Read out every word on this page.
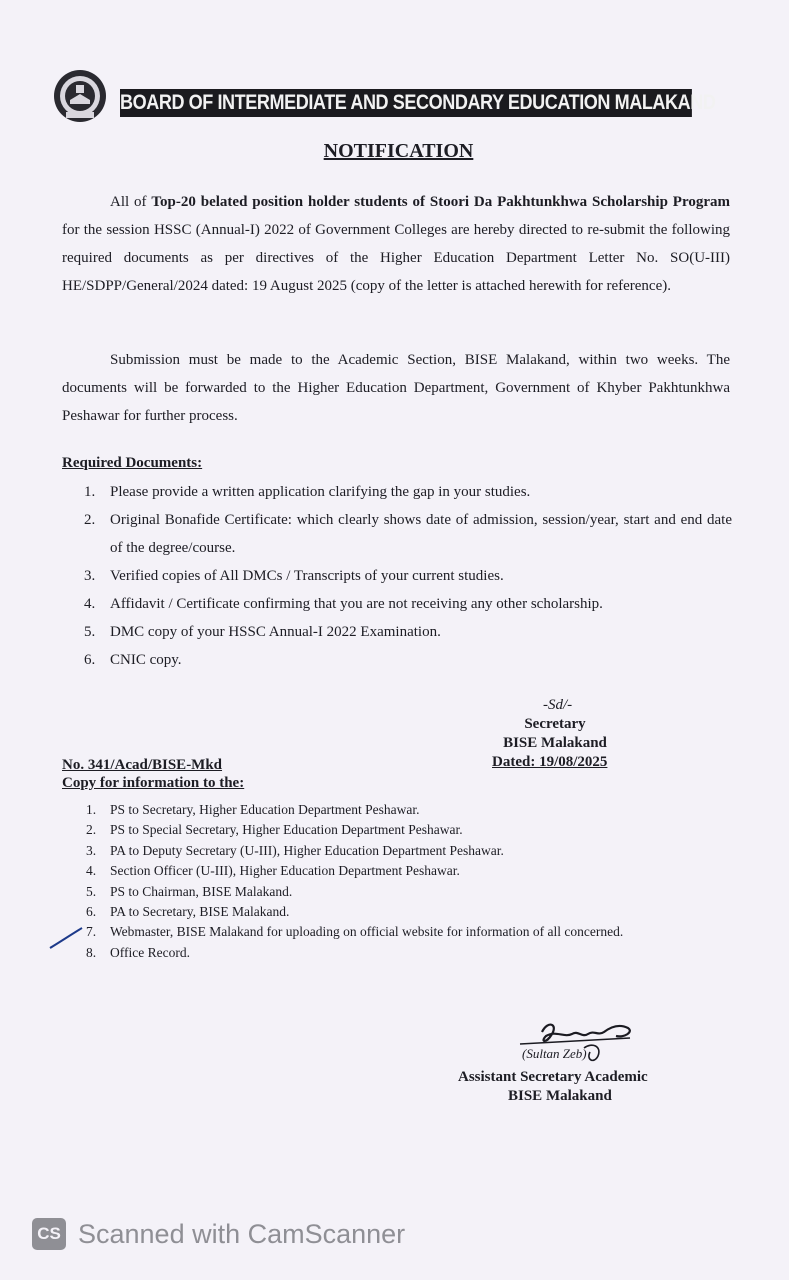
BOARD OF INTERMEDIATE AND SECONDARY EDUCATION MALAKAND
NOTIFICATION

All of Top-20 belated position holder students of Stoori Da Pakhtunkhwa Scholarship Program for the session HSSC (Annual-I) 2022 of Government Colleges are hereby directed to re-submit the following required documents as per directives of the Higher Education Department Letter No. SO(U-III) HE/SDPP/General/2024 dated: 19 August 2025 (copy of the letter is attached herewith for reference).

Submission must be made to the Academic Section, BISE Malakand, within two weeks. The documents will be forwarded to the Higher Education Department, Government of Khyber Pakhtunkhwa Peshawar for further process.

Required Documents:
1. Please provide a written application clarifying the gap in your studies.
2. Original Bonafide Certificate: which clearly shows date of admission, session/year, start and end date of the degree/course.
3. Verified copies of All DMCs / Transcripts of your current studies.
4. Affidavit / Certificate confirming that you are not receiving any other scholarship.
5. DMC copy of your HSSC Annual-I 2022 Examination.
6. CNIC copy.
-Sd/-
Secretary
BISE Malakand
Dated: 19/08/2025
No. 341/Acad/BISE-Mkd
Copy for information to the:
1.	PS to Secretary, Higher Education Department Peshawar.
2.	PS to Special Secretary, Higher Education Department Peshawar.
3.	PA to Deputy Secretary (U-III), Higher Education Department Peshawar.
4.	Section Officer (U-III), Higher Education Department Peshawar.
5.	PS to Chairman, BISE Malakand.
6.	PA to Secretary, BISE Malakand.
7.	Webmaster, BISE Malakand for uploading on official website for information of all concerned.
8.	Office Record.
(Sultan Zeb)
Assistant Secretary Academic
BISE Malakand
CS Scanned with CamScanner
